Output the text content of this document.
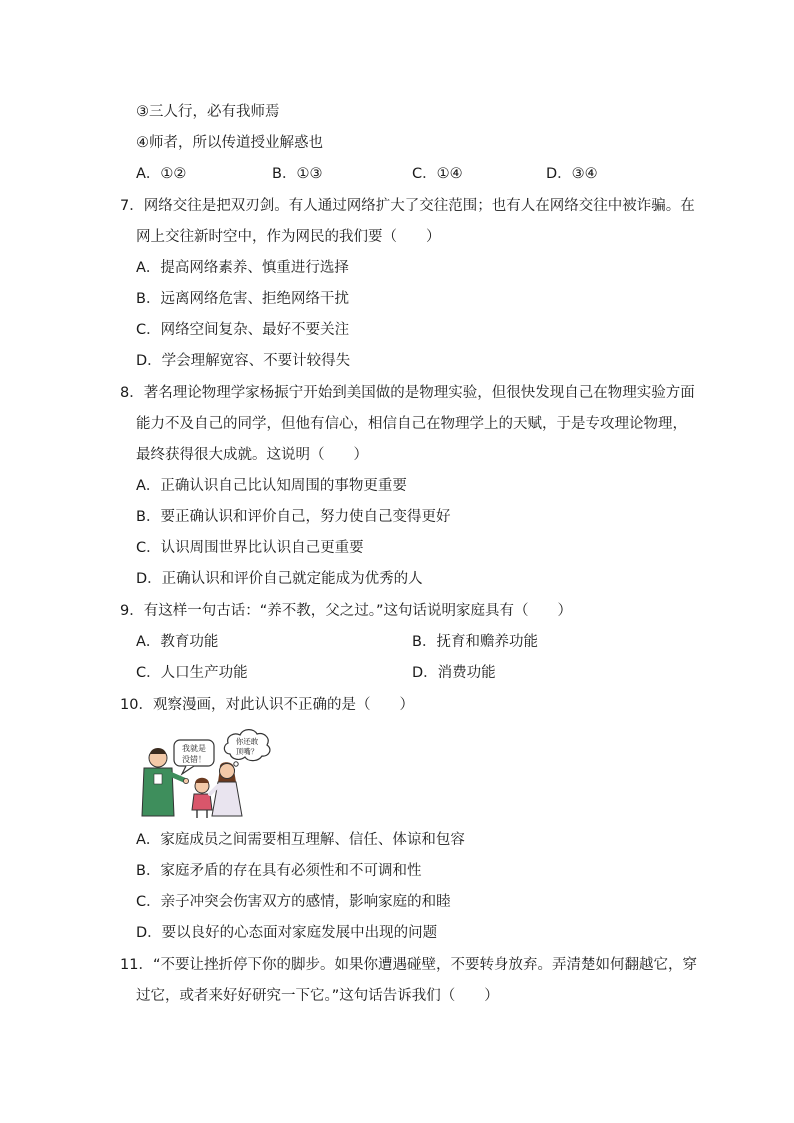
③三人行，必有我师焉
④师者，所以传道授业解惑也
A．①②	B．①③	C．①④	D．③④
7．网络交往是把双刃剑。有人通过网络扩大了交往范围；也有人在网络交往中被诈骗。在
网上交往新时空中，作为网民的我们要（　　）
A．提高网络素养、慎重进行选择
B．远离网络危害、拒绝网络干扰
C．网络空间复杂、最好不要关注
D．学会理解宽容、不要计较得失
8．著名理论物理学家杨振宁开始到美国做的是物理实验，但很快发现自己在物理实验方面
能力不及自己的同学，但他有信心，相信自己在物理学上的天赋，于是专攻理论物理，
最终获得很大成就。这说明（　　）
A．正确认识自己比认知周围的事物更重要
B．要正确认识和评价自己，努力使自己变得更好
C．认识周围世界比认识自己更重要
D．正确认识和评价自己就定能成为优秀的人
9．有这样一句古话：“养不教，父之过。”这句话说明家庭具有（　　）
A．教育功能	B．抚育和赡养功能
C．人口生产功能	D．消费功能
10．观察漫画，对此认识不正确的是（　　）
我就是
没错！
你还敢
顶嘴？
A．家庭成员之间需要相互理解、信任、体谅和包容
B．家庭矛盾的存在具有必须性和不可调和性
C．亲子冲突会伤害双方的感情，影响家庭的和睦
D．要以良好的心态面对家庭发展中出现的问题
11．“不要让挫折停下你的脚步。如果你遭遇碰壁，不要转身放弃。弄清楚如何翻越它，穿
过它，或者来好好研究一下它。”这句话告诉我们（　　）
